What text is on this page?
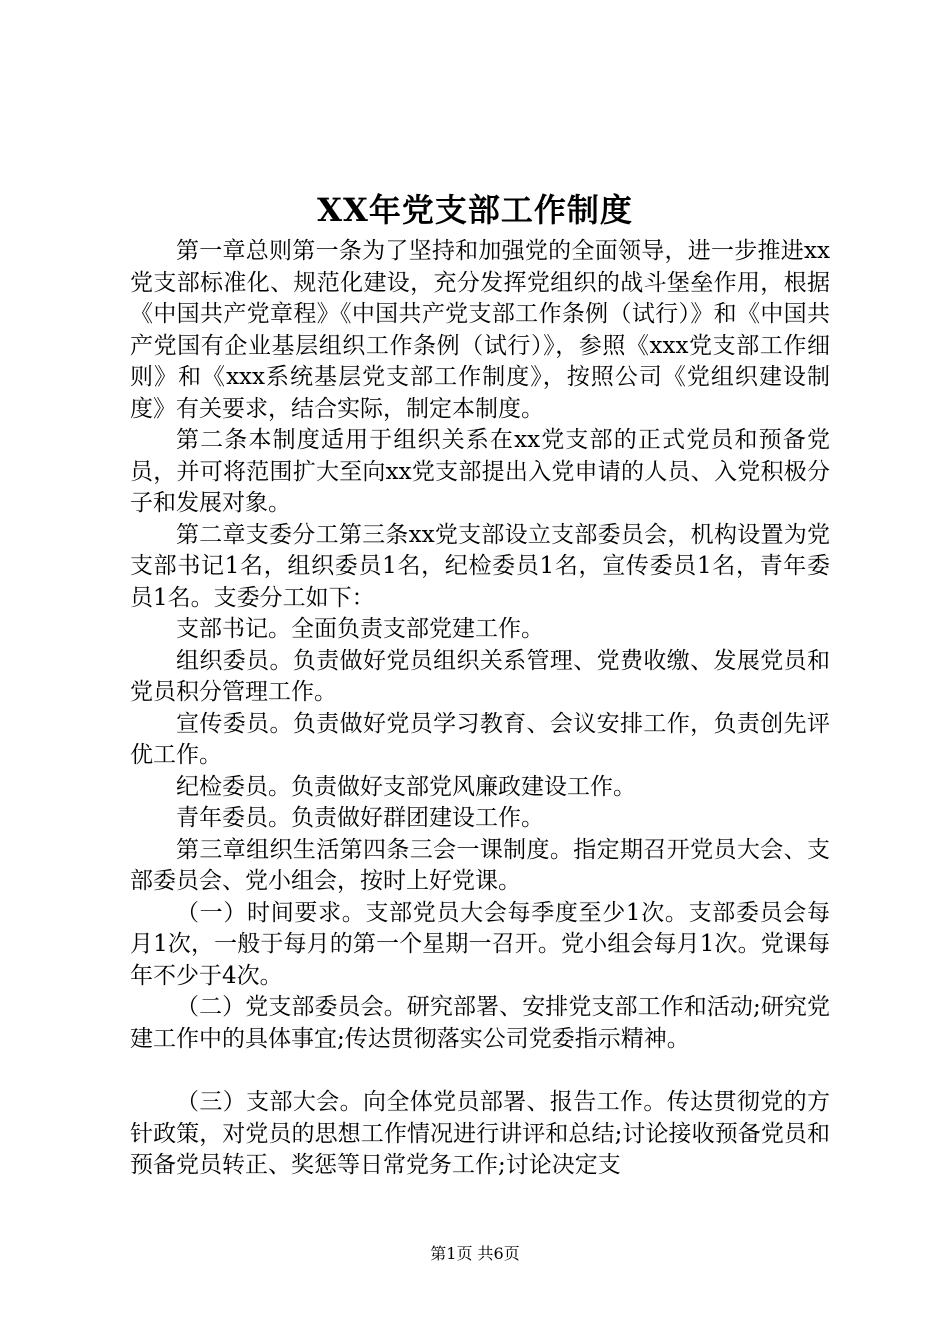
XX年党支部工作制度

第一章总则第一条为了坚持和加强党的全面领导，进一步推进xx党支部标准化、规范化建设，充分发挥党组织的战斗堡垒作用，根据《中国共产党章程》《中国共产党支部工作条例（试行）》和《中国共产党国有企业基层组织工作条例（试行）》，参照《xxx党支部工作细则》和《xxx系统基层党支部工作制度》，按照公司《党组织建设制度》有关要求，结合实际，制定本制度。

第二条本制度适用于组织关系在xx党支部的正式党员和预备党员，并可将范围扩大至向xx党支部提出入党申请的人员、入党积极分子和发展对象。

第二章支委分工第三条xx党支部设立支部委员会，机构设置为党支部书记1名，组织委员1名，纪检委员1名，宣传委员1名，青年委员1名。支委分工如下：

支部书记。全面负责支部党建工作。

组织委员。负责做好党员组织关系管理、党费收缴、发展党员和党员积分管理工作。

宣传委员。负责做好党员学习教育、会议安排工作，负责创先评优工作。

纪检委员。负责做好支部党风廉政建设工作。

青年委员。负责做好群团建设工作。

第三章组织生活第四条三会一课制度。指定期召开党员大会、支部委员会、党小组会，按时上好党课。

（一）时间要求。支部党员大会每季度至少1次。支部委员会每月1次，一般于每月的第一个星期一召开。党小组会每月1次。党课每年不少于4次。

（二）党支部委员会。研究部署、安排党支部工作和活动;研究党建工作中的具体事宜;传达贯彻落实公司党委指示精神。

（三）支部大会。向全体党员部署、报告工作。传达贯彻党的方针政策，对党员的思想工作情况进行讲评和总结;讨论接收预备党员和预备党员转正、奖惩等日常党务工作;讨论决定支

第1页 共6页
